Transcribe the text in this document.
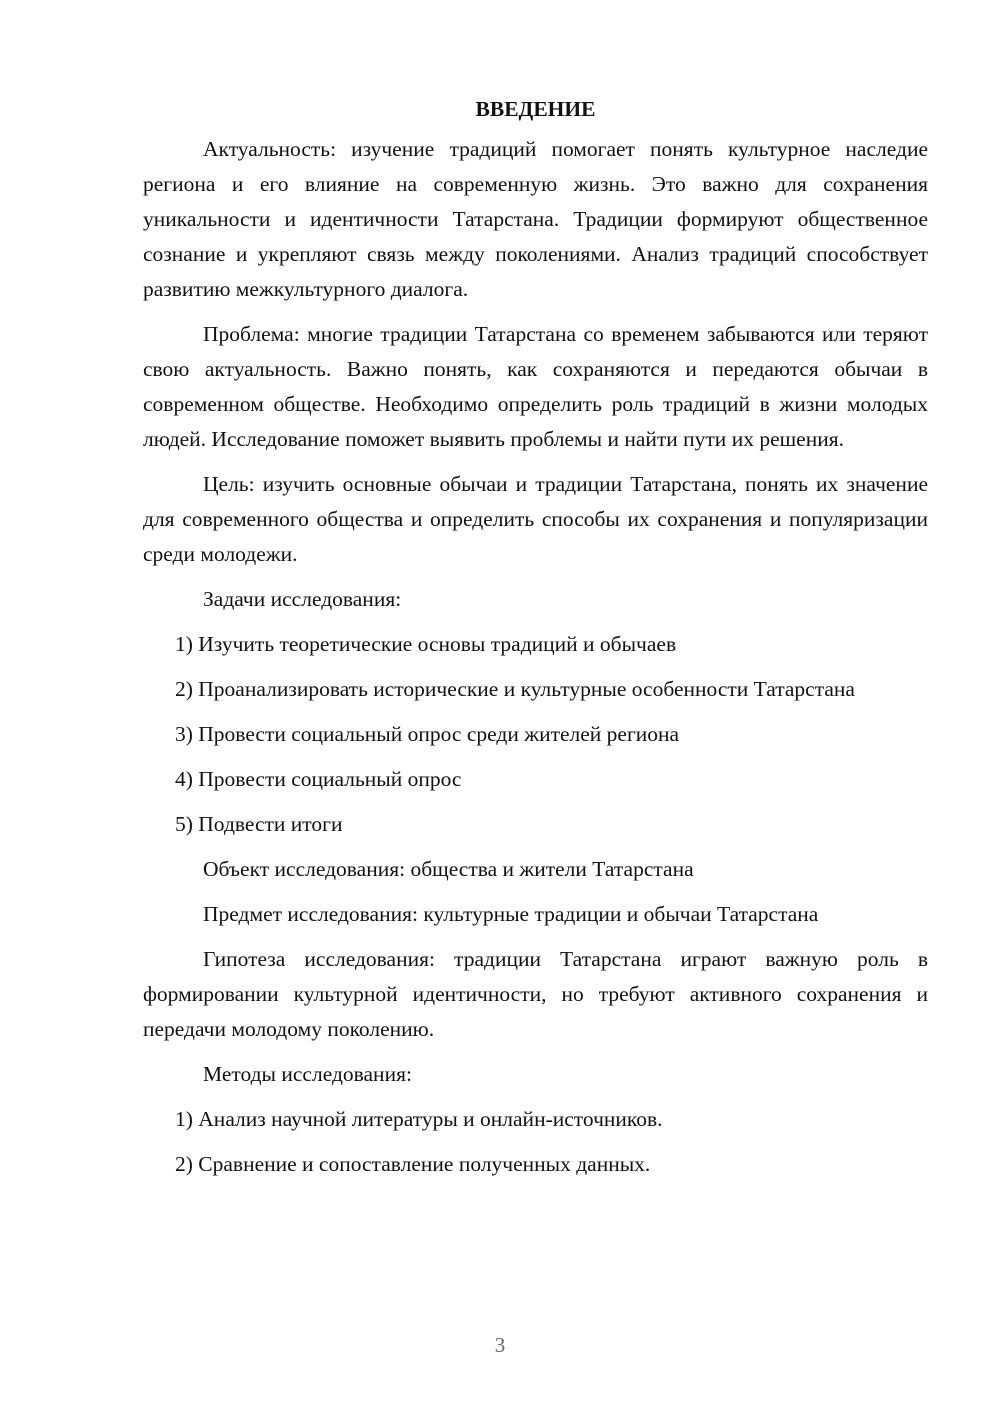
ВВЕДЕНИЕ

Актуальность: изучение традиций помогает понять культурное наследие региона и его влияние на современную жизнь. Это важно для сохранения уникальности и идентичности Татарстана. Традиции формируют общественное сознание и укрепляют связь между поколениями. Анализ традиций способствует развитию межкультурного диалога.

Проблема: многие традиции Татарстана со временем забываются или теряют свою актуальность. Важно понять, как сохраняются и передаются обычаи в современном обществе. Необходимо определить роль традиций в жизни молодых людей. Исследование поможет выявить проблемы и найти пути их решения.

Цель: изучить основные обычаи и традиции Татарстана, понять их значение для современного общества и определить способы их сохранения и популяризации среди молодежи.

Задачи исследования:

1) Изучить теоретические основы традиций и обычаев

2) Проанализировать исторические и культурные особенности Татарстана

3) Провести социальный опрос среди жителей региона

4) Провести социальный опрос

5) Подвести итоги

Объект исследования: общества и жители Татарстана

Предмет исследования: культурные традиции и обычаи Татарстана

Гипотеза исследования: традиции Татарстана играют важную роль в формировании культурной идентичности, но требуют активного сохранения и передачи молодому поколению.

Методы исследования:

1) Анализ научной литературы и онлайн-источников.

2) Сравнение и сопоставление полученных данных.

3
